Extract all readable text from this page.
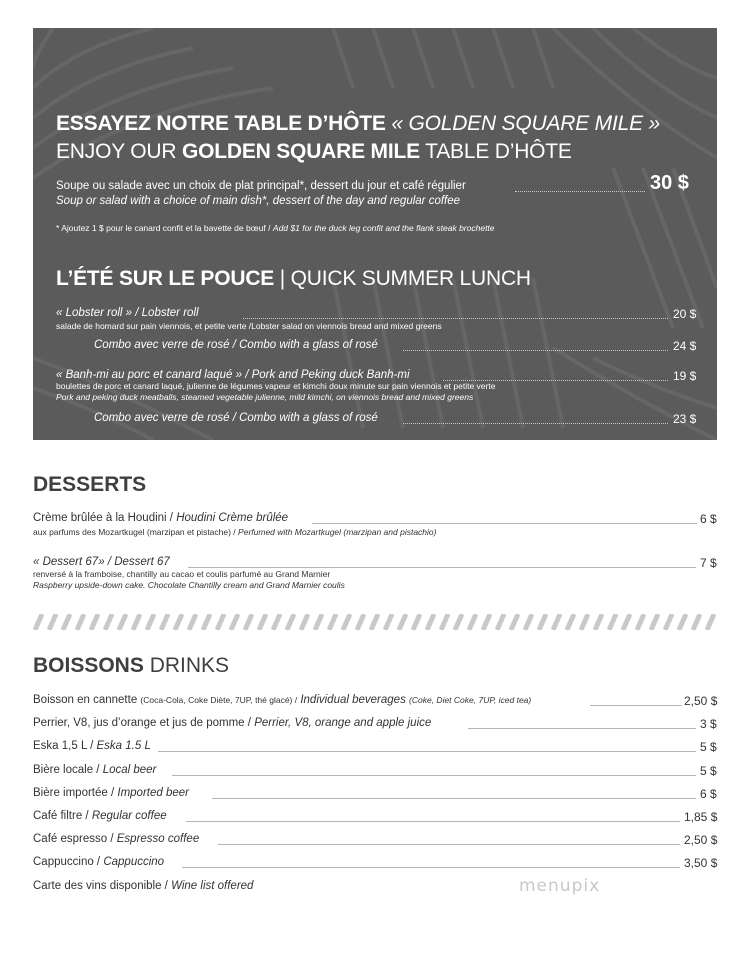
ESSAYEZ NOTRE TABLE D’HÔTE « GOLDEN SQUARE MILE »
ENJOY OUR GOLDEN SQUARE MILE TABLE D’HÔTE
Soupe ou salade avec un choix de plat principal*, dessert du jour et café régulier	30 $
Soup or salad with a choice of main dish*, dessert of the day and regular coffee
* Ajoutez 1 $ pour le canard confit et la bavette de bœuf / Add $1 for the duck leg confit and the flank steak brochette
L’ÉTÉ SUR LE POUCE | QUICK SUMMER LUNCH
« Lobster roll » / Lobster roll	20 $
salade de homard sur pain viennois, et petite verte /Lobster salad on viennois bread and mixed greens
Combo avec verre de rosé / Combo with a glass of rosé	24 $
« Banh-mi au porc et canard laqué » / Pork and Peking duck Banh-mi	19 $
boulettes de porc et canard laqué, julienne de légumes vapeur et kimchi doux minute sur pain viennois et petite verte
Pork and peking duck meatballs, steamed vegetable julienne, mild kimchi, on viennois bread and mixed greens
Combo avec verre de rosé / Combo with a glass of rosé	23 $
DESSERTS
Crème brûlée à la Houdini / Houdini Crème brûlée	6 $
aux parfums des Mozartkugel (marzipan et pistache) / Perfumed with Mozartkugel (marzipan and pistachio)
« Dessert 67» / Dessert 67	7 $
renversé à la framboise, chantilly au cacao et coulis parfumé au Grand Marnier
Raspberry upside-down cake. Chocolate Chantilly cream and Grand Marnier coulis
BOISSONS DRINKS
Boisson en cannette (Coca-Cola, Coke Diète, 7UP, thé glacé) / Individual beverages (Coke, Diet Coke, 7UP, iced tea)	2,50 $
Perrier, V8, jus d’orange et jus de pomme / Perrier, V8, orange and apple juice	3 $
Eska 1,5 L / Eska 1.5 L	5 $
Bière locale / Local beer	5 $
Bière importée / Imported beer	6 $
Café filtre / Regular coffee	1,85 $
Café espresso / Espresso coffee	2,50 $
Cappuccino / Cappuccino	3,50 $
Carte des vins disponible / Wine list offered	menupix
